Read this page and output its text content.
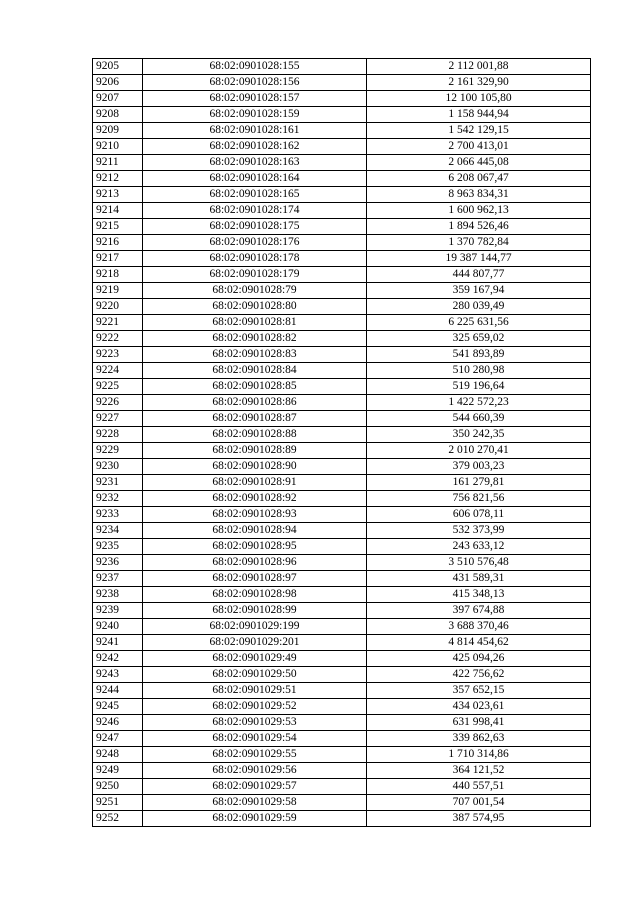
9205	68:02:0901028:155	2 112 001,88
9206	68:02:0901028:156	2 161 329,90
9207	68:02:0901028:157	12 100 105,80
9208	68:02:0901028:159	1 158 944,94
9209	68:02:0901028:161	1 542 129,15
9210	68:02:0901028:162	2 700 413,01
9211	68:02:0901028:163	2 066 445,08
9212	68:02:0901028:164	6 208 067,47
9213	68:02:0901028:165	8 963 834,31
9214	68:02:0901028:174	1 600 962,13
9215	68:02:0901028:175	1 894 526,46
9216	68:02:0901028:176	1 370 782,84
9217	68:02:0901028:178	19 387 144,77
9218	68:02:0901028:179	444 807,77
9219	68:02:0901028:79	359 167,94
9220	68:02:0901028:80	280 039,49
9221	68:02:0901028:81	6 225 631,56
9222	68:02:0901028:82	325 659,02
9223	68:02:0901028:83	541 893,89
9224	68:02:0901028:84	510 280,98
9225	68:02:0901028:85	519 196,64
9226	68:02:0901028:86	1 422 572,23
9227	68:02:0901028:87	544 660,39
9228	68:02:0901028:88	350 242,35
9229	68:02:0901028:89	2 010 270,41
9230	68:02:0901028:90	379 003,23
9231	68:02:0901028:91	161 279,81
9232	68:02:0901028:92	756 821,56
9233	68:02:0901028:93	606 078,11
9234	68:02:0901028:94	532 373,99
9235	68:02:0901028:95	243 633,12
9236	68:02:0901028:96	3 510 576,48
9237	68:02:0901028:97	431 589,31
9238	68:02:0901028:98	415 348,13
9239	68:02:0901028:99	397 674,88
9240	68:02:0901029:199	3 688 370,46
9241	68:02:0901029:201	4 814 454,62
9242	68:02:0901029:49	425 094,26
9243	68:02:0901029:50	422 756,62
9244	68:02:0901029:51	357 652,15
9245	68:02:0901029:52	434 023,61
9246	68:02:0901029:53	631 998,41
9247	68:02:0901029:54	339 862,63
9248	68:02:0901029:55	1 710 314,86
9249	68:02:0901029:56	364 121,52
9250	68:02:0901029:57	440 557,51
9251	68:02:0901029:58	707 001,54
9252	68:02:0901029:59	387 574,95
